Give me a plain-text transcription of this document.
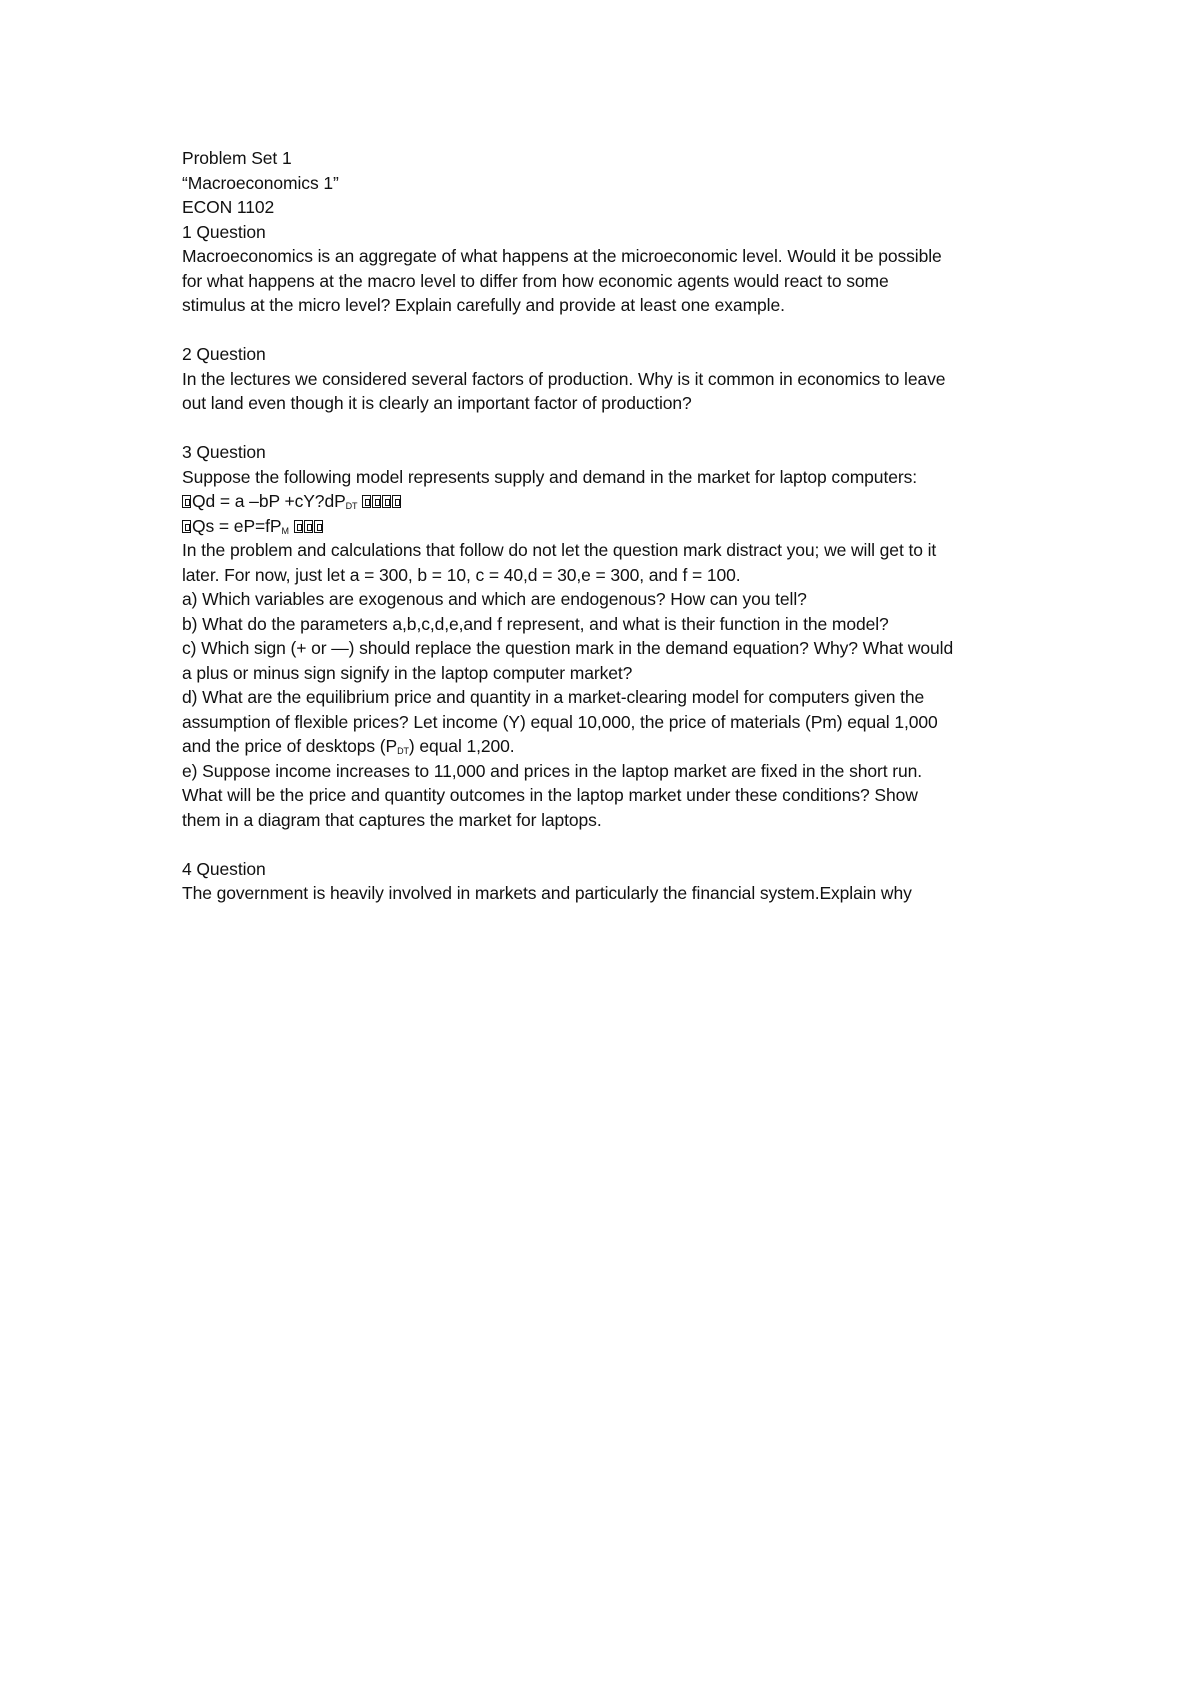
Problem Set 1
“Macroeconomics 1”
ECON 1102
1 Question
Macroeconomics is an aggregate of what happens at the microeconomic level. Would it be possible
for what happens at the macro level to differ from how economic agents would react to some
stimulus at the micro level? Explain carefully and provide at least one example.
2 Question
In the lectures we considered several factors of production. Why is it common in economics to leave
out land even though it is clearly an important factor of production?
3 Question
Suppose the following model represents supply and demand in the market for laptop computers:
Qd = a $-bP +cY?dP_{DT}$
$Qs = eP=fP_M$
In the problem and calculations that follow do not let the question mark distract you; we will get to it
later. For now, just let a = 300, b = 10, c = 40,d = 30,e = 300, and f = 100.
a) Which variables are exogenous and which are endogenous? How can you tell?
b) What do the parameters a,b,c,d,e,and f represent, and what is their function in the model?
c) Which sign (+ or —) should replace the question mark in the demand equation? Why? What would
a plus or minus sign signify in the laptop computer market?
d) What are the equilibrium price and quantity in a market-clearing model for computers given the
assumption of flexible prices? Let income (Y) equal 10,000, the price of materials (Pm) equal 1,000
and the price of desktops $(P_{DT})$ equal 1,200.
e) Suppose income increases to 11,000 and prices in the laptop market are fixed in the short run.
What will be the price and quantity outcomes in the laptop market under these conditions? Show
them in a diagram that captures the market for laptops.
4 Question
The government is heavily involved in markets and particularly the financial system.Explain why
